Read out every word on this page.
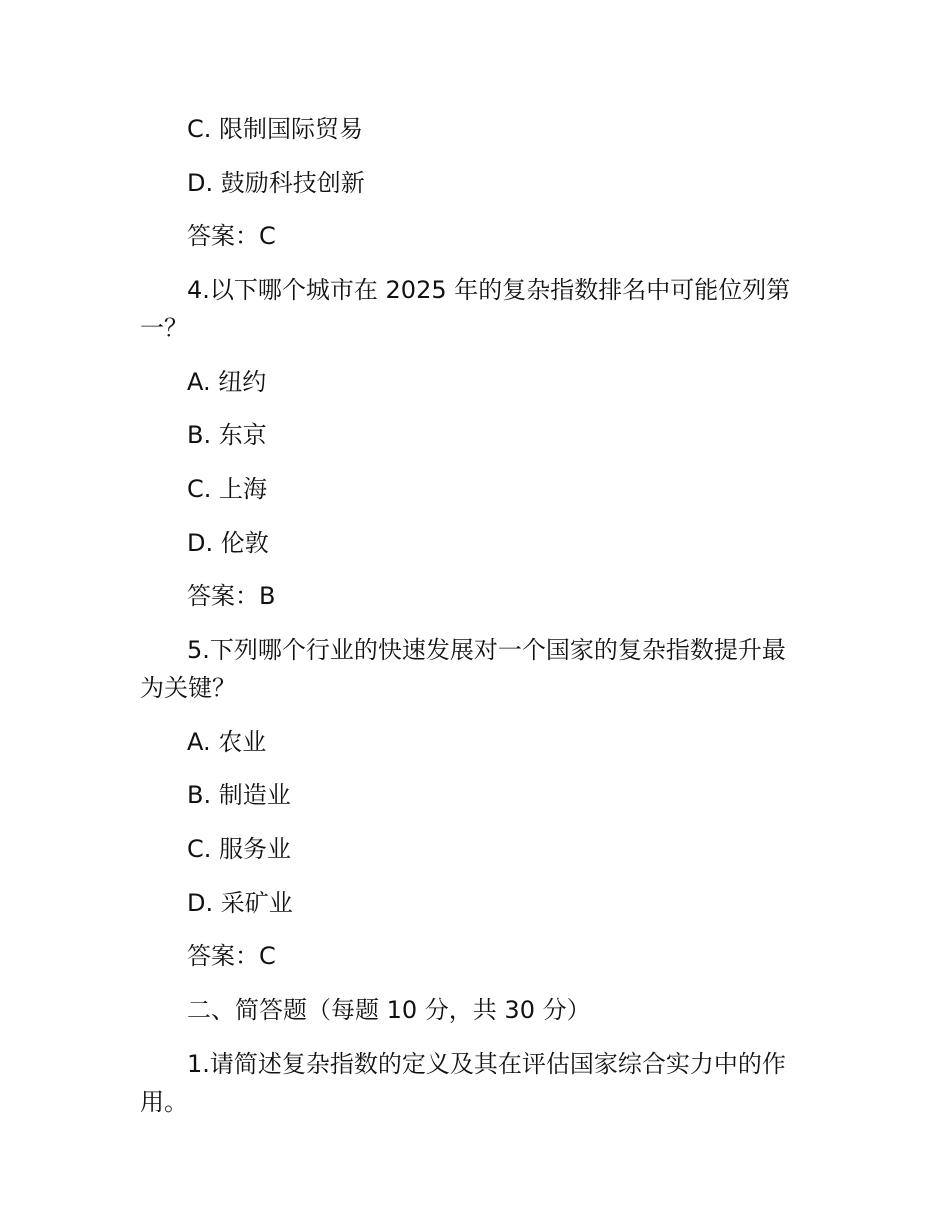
C. 限制国际贸易

D. 鼓励科技创新

答案：C

4.以下哪个城市在 2025 年的复杂指数排名中可能位列第

一？

A. 纽约

B. 东京

C. 上海

D. 伦敦

答案：B

5.下列哪个行业的快速发展对一个国家的复杂指数提升最

为关键？

A. 农业

B. 制造业

C. 服务业

D. 采矿业

答案：C

二、简答题（每题 10 分，共 30 分）

1.请简述复杂指数的定义及其在评估国家综合实力中的作

用。
